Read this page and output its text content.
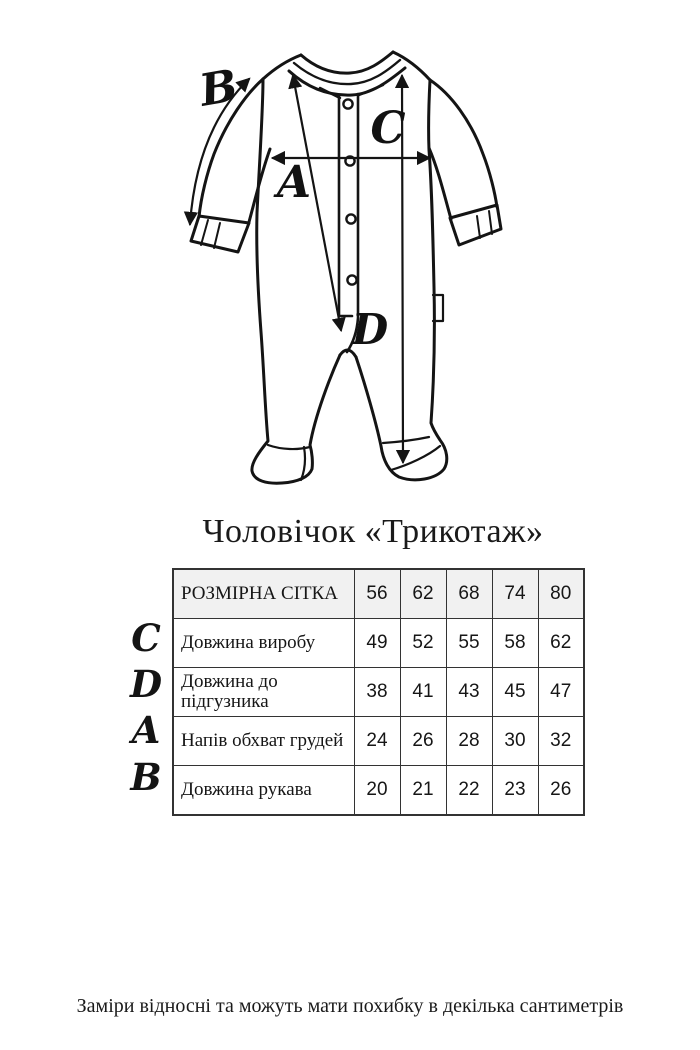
B
A
C
D
Чоловічок «Трикотаж»
C
D
A
B
РОЗМІРНА СІТКА	56	62	68	74	80
Довжина виробу	49	52	55	58	62
Довжина до підгузника	38	41	43	45	47
Напів обхват грудей	24	26	28	30	32
Довжина рукава	20	21	22	23	26

Заміри відносні та можуть мати похибку в декілька сантиметрів
